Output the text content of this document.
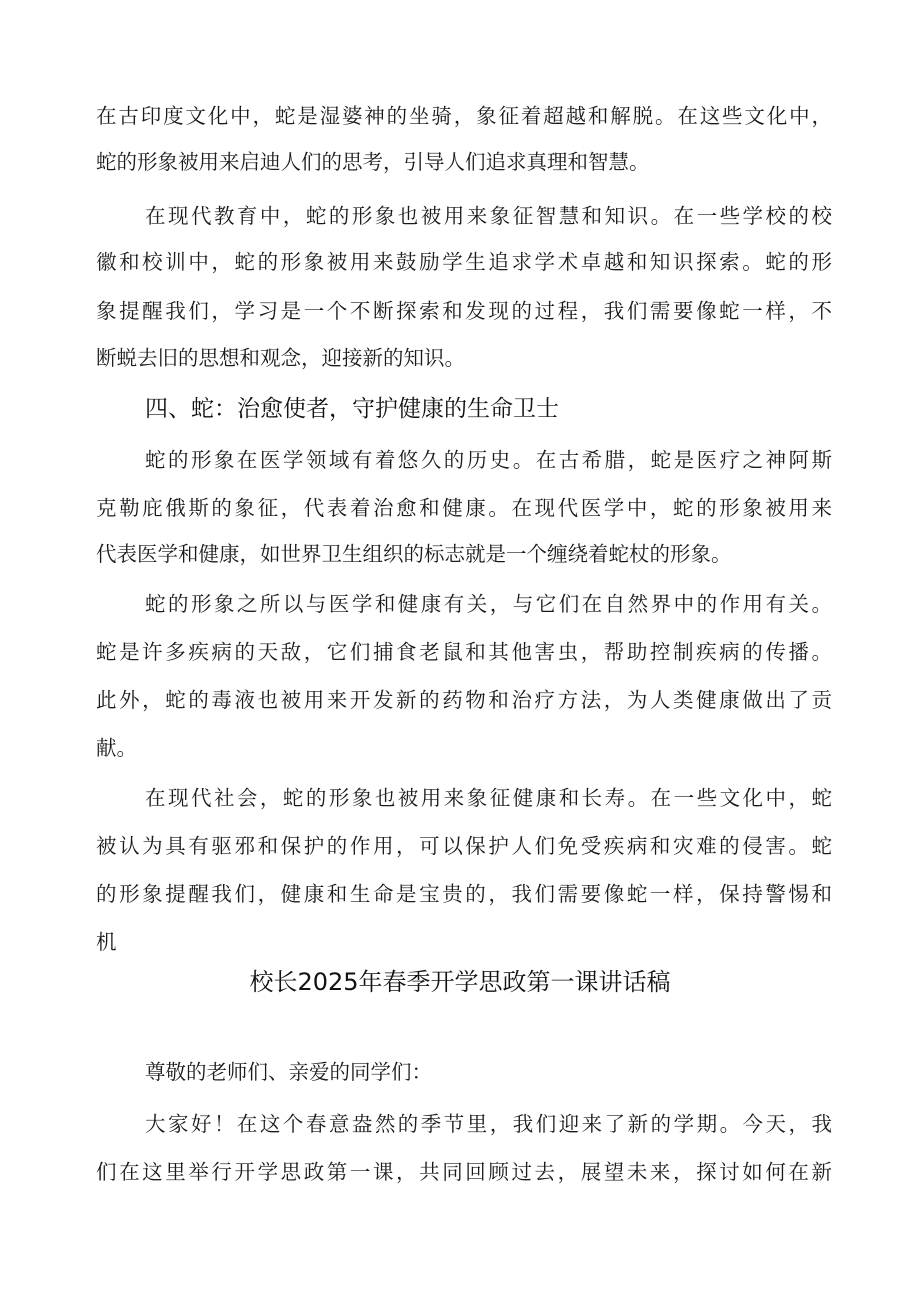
在古印度文化中，蛇是湿婆神的坐骑，象征着超越和解脱。在这些文化中，
蛇的形象被用来启迪人们的思考，引导人们追求真理和智慧。
在现代教育中，蛇的形象也被用来象征智慧和知识。在一些学校的校
徽和校训中，蛇的形象被用来鼓励学生追求学术卓越和知识探索。蛇的形
象提醒我们，学习是一个不断探索和发现的过程，我们需要像蛇一样，不
断蜕去旧的思想和观念，迎接新的知识。
四、蛇：治愈使者，守护健康的生命卫士
蛇的形象在医学领域有着悠久的历史。在古希腊，蛇是医疗之神阿斯
克勒庇俄斯的象征，代表着治愈和健康。在现代医学中，蛇的形象被用来
代表医学和健康，如世界卫生组织的标志就是一个缠绕着蛇杖的形象。
蛇的形象之所以与医学和健康有关，与它们在自然界中的作用有关。
蛇是许多疾病的天敌，它们捕食老鼠和其他害虫，帮助控制疾病的传播。
此外，蛇的毒液也被用来开发新的药物和治疗方法，为人类健康做出了贡
献。
在现代社会，蛇的形象也被用来象征健康和长寿。在一些文化中，蛇
被认为具有驱邪和保护的作用，可以保护人们免受疾病和灾难的侵害。蛇
的形象提醒我们，健康和生命是宝贵的，我们需要像蛇一样，保持警惕和
机
校长2025年春季开学思政第一课讲话稿
尊敬的老师们、亲爱的同学们：
大家好！在这个春意盎然的季节里，我们迎来了新的学期。今天，我
们在这里举行开学思政第一课，共同回顾过去，展望未来，探讨如何在新
